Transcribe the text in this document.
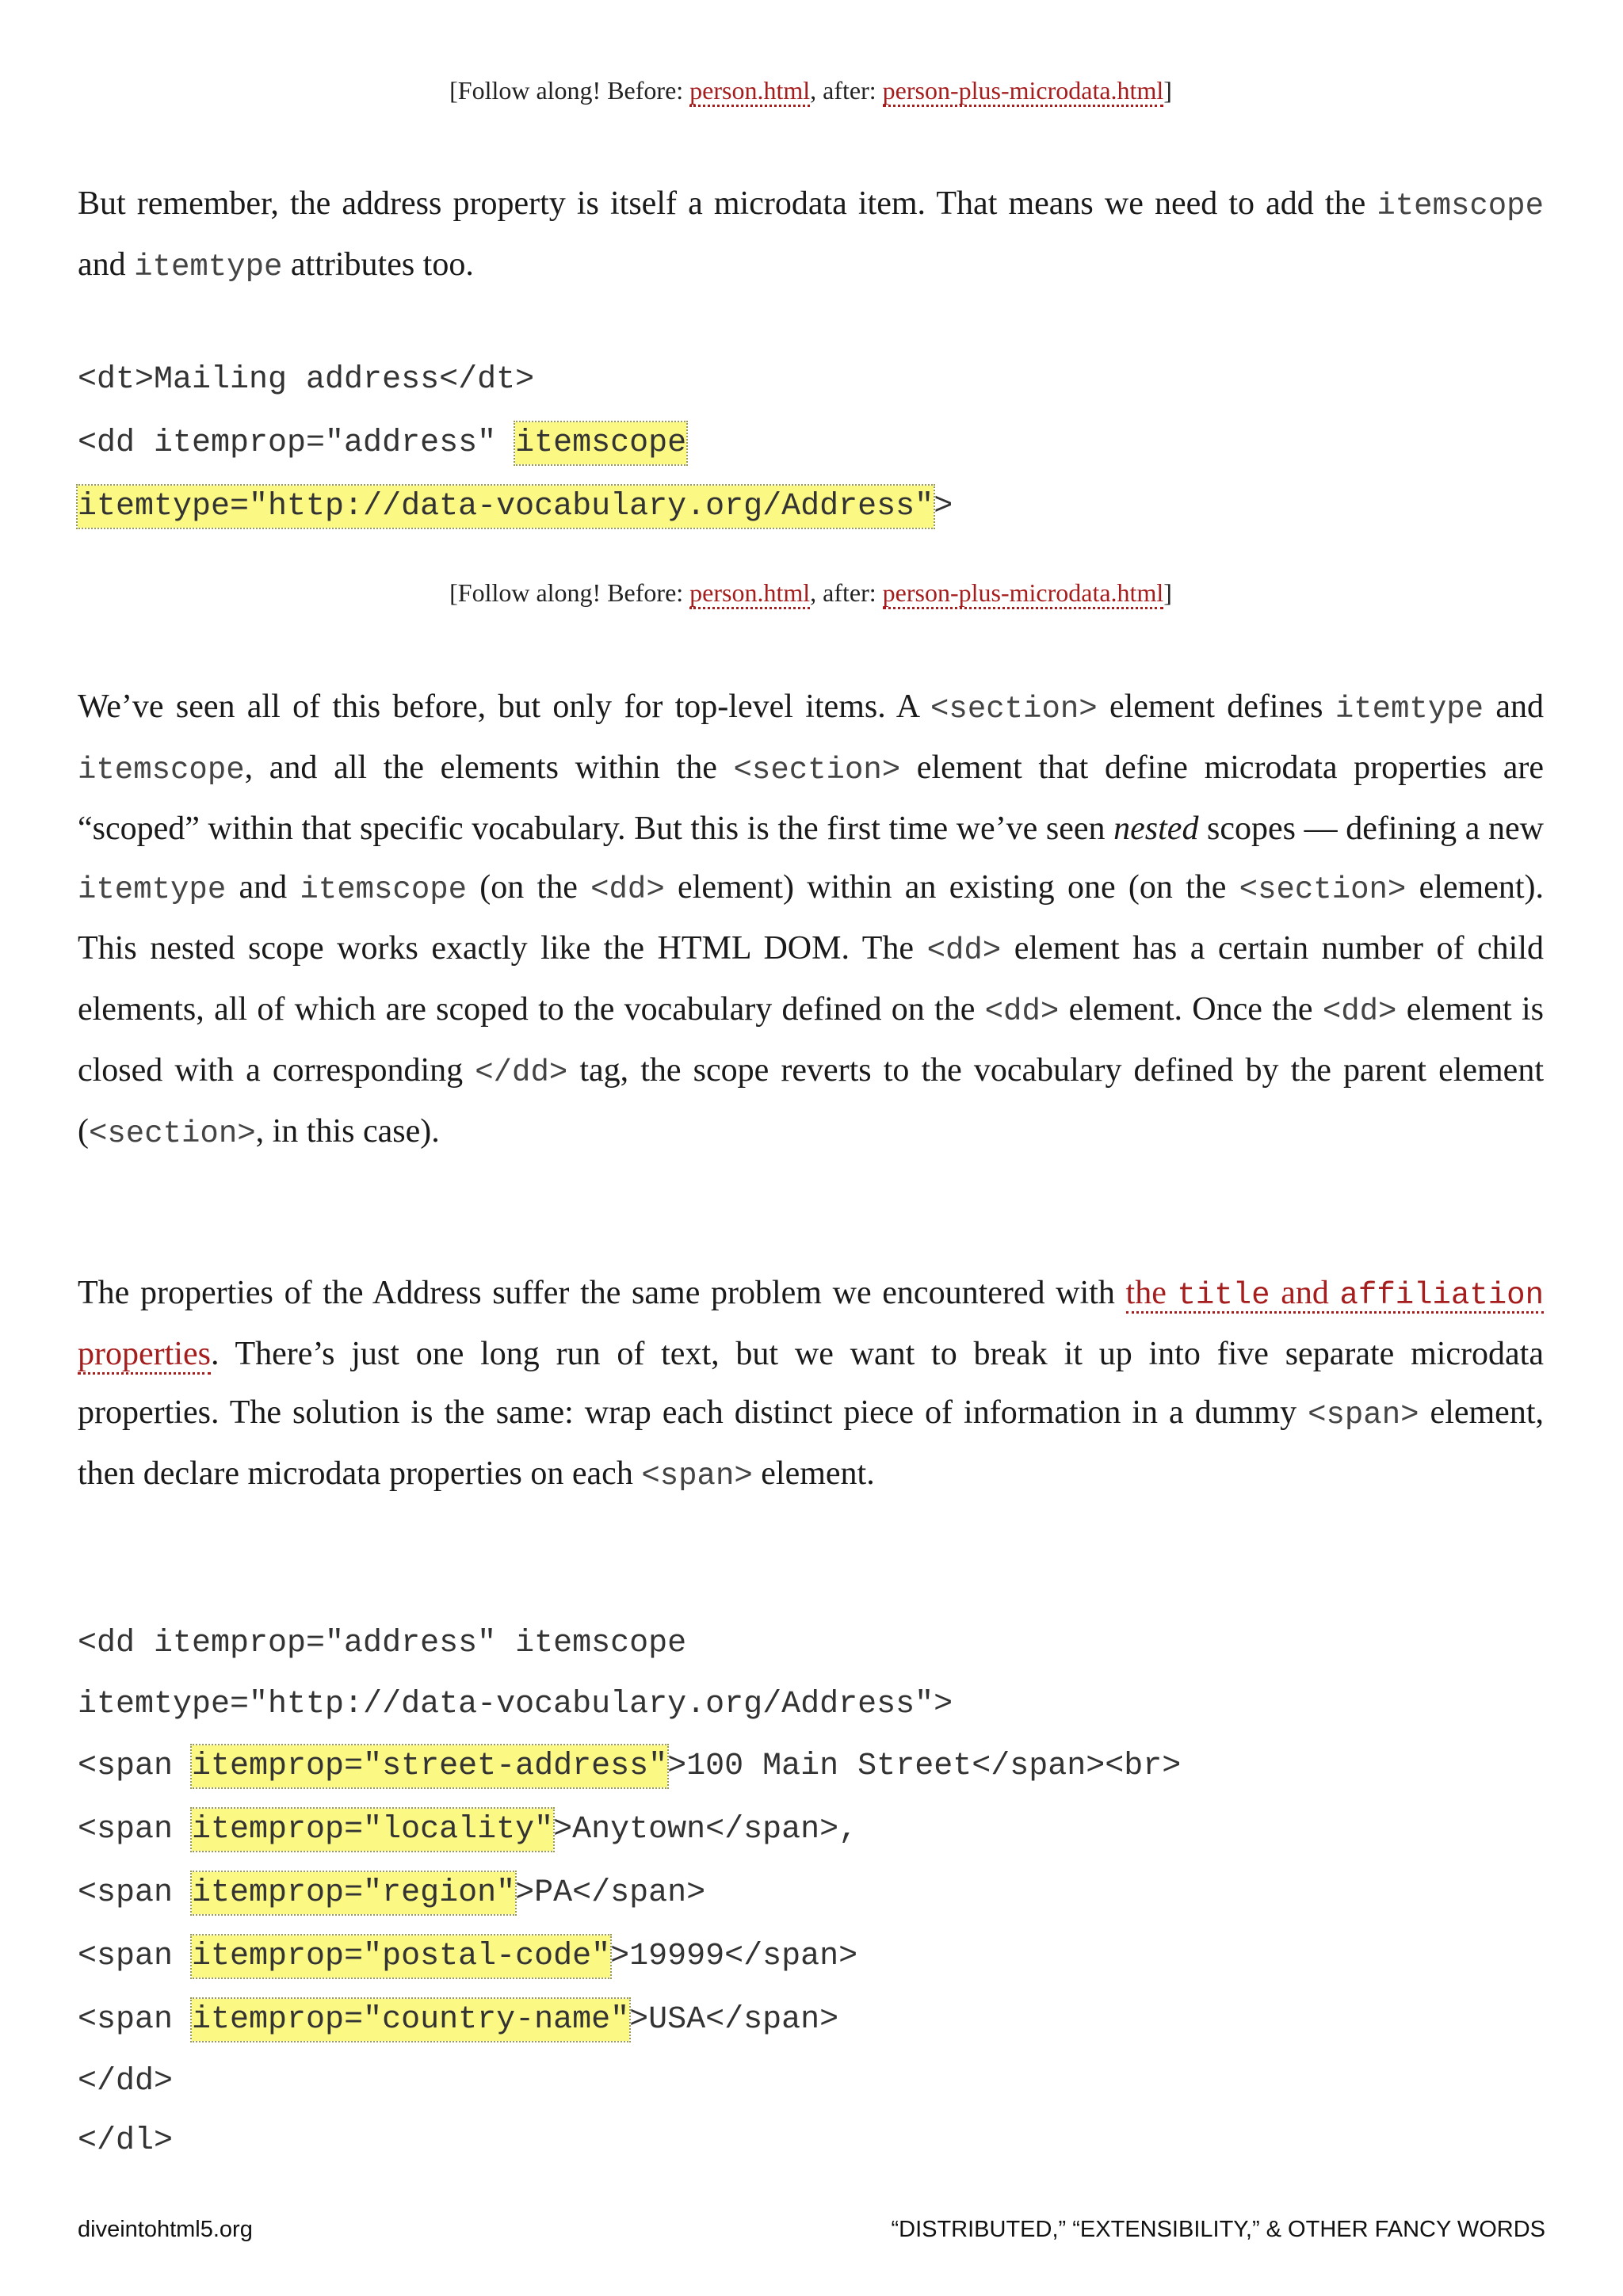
[Follow along! Before: person.html, after: person-plus-microdata.html]

But remember, the address property is itself a microdata item. That means we need to add the itemscope and itemtype attributes too.

<dt>Mailing address</dt>
<dd itemprop="address" itemscope
itemtype="http://data-vocabulary.org/Address">
[Follow along! Before: person.html, after: person-plus-microdata.html]

We’ve seen all of this before, but only for top-level items. A <section> element defines itemtype and itemscope, and all the elements within the <section> element that define microdata properties are “scoped” within that specific vocabulary. But this is the first time we’ve seen nested scopes — defining a new itemtype and itemscope (on the <dd> element) within an existing one (on the <section> element). This nested scope works exactly like the HTML DOM. The <dd> element has a certain number of child elements, all of which are scoped to the vocabulary defined on the <dd> element. Once the <dd> element is closed with a corresponding </dd> tag, the scope reverts to the vocabulary defined by the parent element (<section>, in this case).

The properties of the Address suffer the same problem we encountered with the title and affiliation properties. There’s just one long run of text, but we want to break it up into five separate microdata properties. The solution is the same: wrap each distinct piece of information in a dummy <span> element, then declare microdata properties on each <span> element.

<dd itemprop="address" itemscope
itemtype="http://data-vocabulary.org/Address">
<span itemprop="street-address">100 Main Street</span><br>
<span itemprop="locality">Anytown</span>,
<span itemprop="region">PA</span>
<span itemprop="postal-code">19999</span>
<span itemprop="country-name">USA</span>
</dd>
</dl>
diveintohtml5.org	“DISTRIBUTED,” “EXTENSIBILITY,” & OTHER FANCY WORDS
